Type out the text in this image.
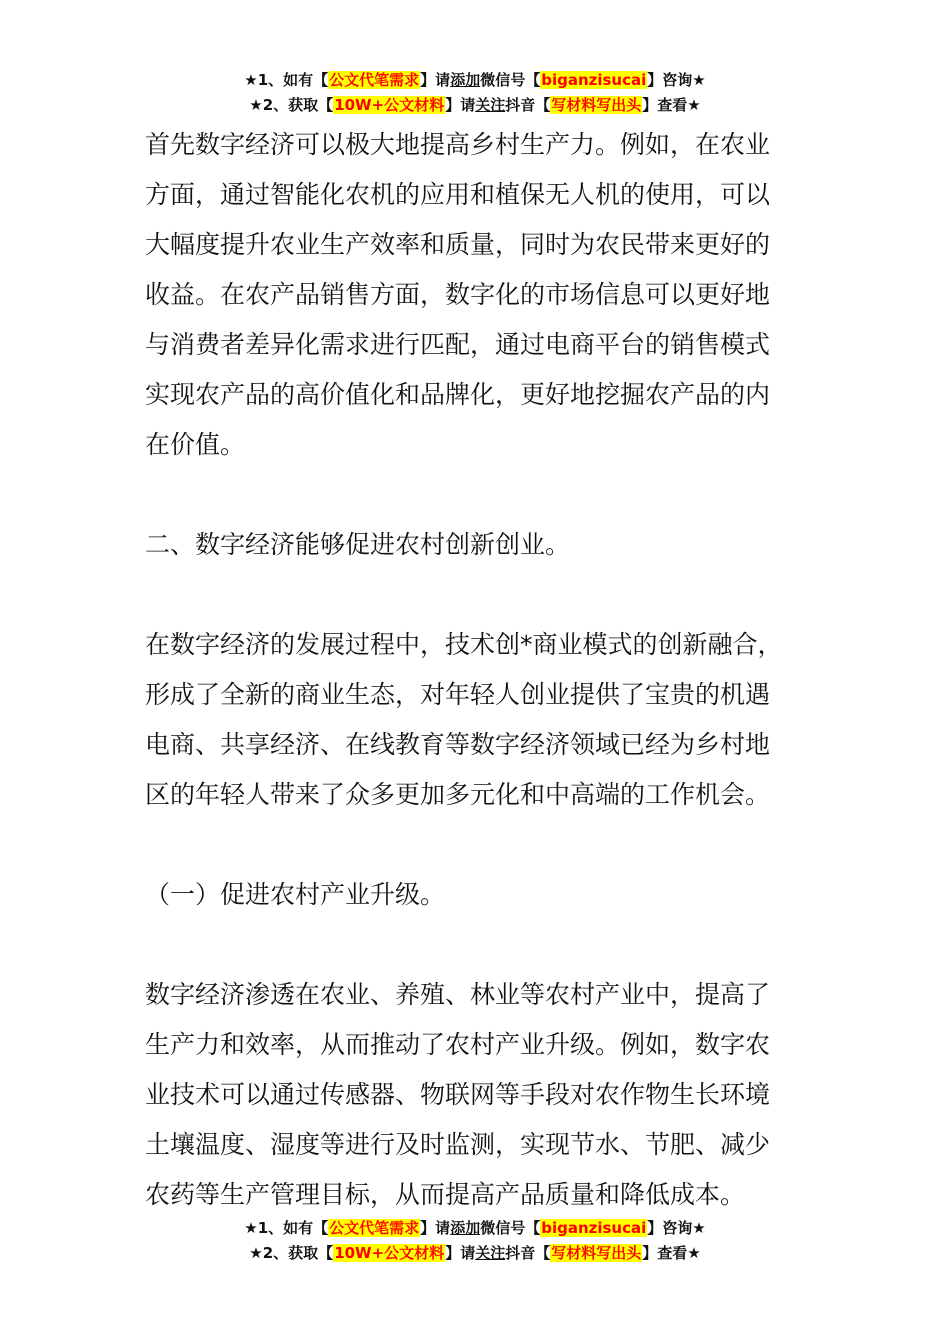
★1、如有【公文代笔需求】请添加微信号【biganzisucai】咨询★
★2、获取【10W+公文材料】请关注抖音【写材料写出头】查看★

首先数字经济可以极大地提高乡村生产力。例如，在农业

方面，通过智能化农机的应用和植保无人机的使用，可以

大幅度提升农业生产效率和质量，同时为农民带来更好的

收益。在农产品销售方面，数字化的市场信息可以更好地

与消费者差异化需求进行匹配，通过电商平台的销售模式

实现农产品的高价值化和品牌化，更好地挖掘农产品的内

在价值。

二、数字经济能够促进农村创新创业。

在数字经济的发展过程中，技术创*商业模式的创新融合，

形成了全新的商业生态，对年轻人创业提供了宝贵的机遇

电商、共享经济、在线教育等数字经济领域已经为乡村地

区的年轻人带来了众多更加多元化和中高端的工作机会。

（一）促进农村产业升级。

数字经济渗透在农业、养殖、林业等农村产业中，提高了

生产力和效率，从而推动了农村产业升级。例如，数字农

业技术可以通过传感器、物联网等手段对农作物生长环境

土壤温度、湿度等进行及时监测，实现节水、节肥、减少

农药等生产管理目标，从而提高产品质量和降低成本。

★1、如有【公文代笔需求】请添加微信号【biganzisucai】咨询★
★2、获取【10W+公文材料】请关注抖音【写材料写出头】查看★
